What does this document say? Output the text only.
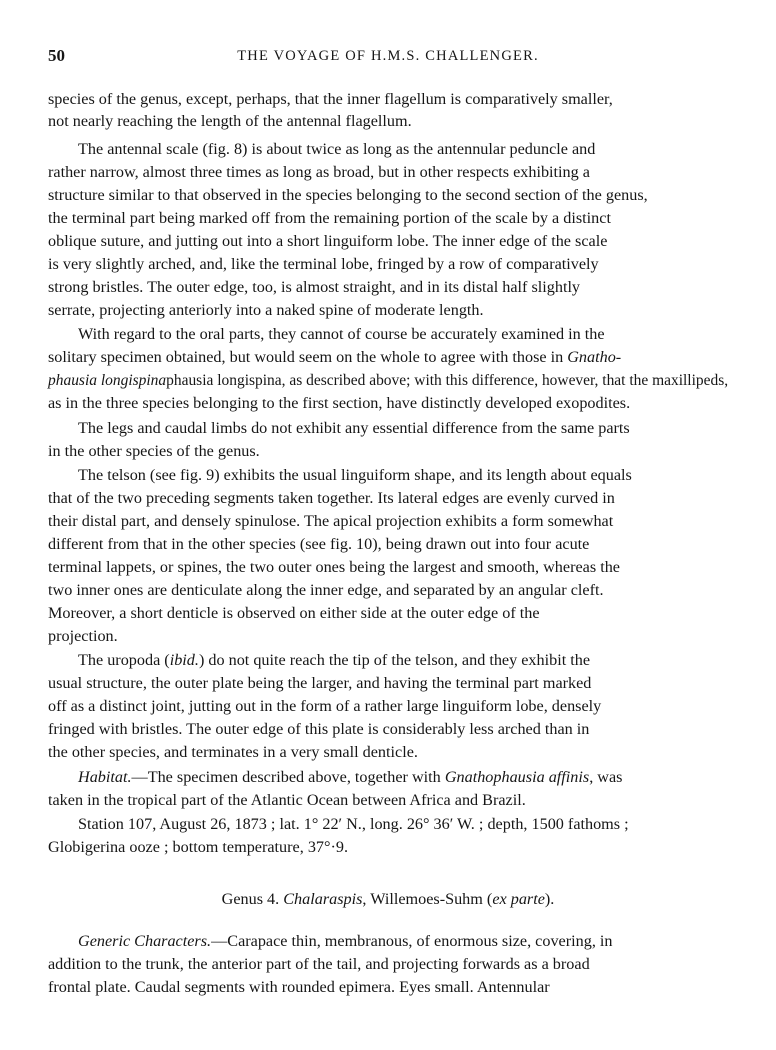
50	THE VOYAGE OF H.M.S. CHALLENGER.
species of the genus, except, perhaps, that the inner flagellum is comparatively smaller,
not nearly reaching the length of the antennal flagellum.
The antennal scale (fig. 8) is about twice as long as the antennular peduncle and
rather narrow, almost three times as long as broad, but in other respects exhibiting a
structure similar to that observed in the species belonging to the second section of the genus,
the terminal part being marked off from the remaining portion of the scale by a distinct
oblique suture, and jutting out into a short linguiform lobe. The inner edge of the scale
is very slightly arched, and, like the terminal lobe, fringed by a row of comparatively
strong bristles. The outer edge, too, is almost straight, and in its distal half slightly
serrate, projecting anteriorly into a naked spine of moderate length.
With regard to the oral parts, they cannot of course be accurately examined in the
solitary specimen obtained, but would seem on the whole to agree with those in Gnatho-
phausia longispinaphausia longispina, as described above; with this difference, however, that the maxillipeds,
as in the three species belonging to the first section, have distinctly developed exopodites.
The legs and caudal limbs do not exhibit any essential difference from the same parts
in the other species of the genus.
The telson (see fig. 9) exhibits the usual linguiform shape, and its length about equals
that of the two preceding segments taken together. Its lateral edges are evenly curved in
their distal part, and densely spinulose. The apical projection exhibits a form somewhat
different from that in the other species (see fig. 10), being drawn out into four acute
terminal lappets, or spines, the two outer ones being the largest and smooth, whereas the
two inner ones are denticulate along the inner edge, and separated by an angular cleft.
Moreover, a short denticle is observed on either side at the outer edge of the
projection.
The uropoda (ibid.) do not quite reach the tip of the telson, and they exhibit the
usual structure, the outer plate being the larger, and having the terminal part marked
off as a distinct joint, jutting out in the form of a rather large linguiform lobe, densely
fringed with bristles. The outer edge of this plate is considerably less arched than in
the other species, and terminates in a very small denticle.
Habitat.—The specimen described above, together with Gnathophausia affinis, was
taken in the tropical part of the Atlantic Ocean between Africa and Brazil.
Station 107, August 26, 1873 ; lat. 1° 22′ N., long. 26° 36′ W. ; depth, 1500 fathoms ;
Globigerina ooze ; bottom temperature, 37°·9.
Genus 4. Chalaraspis, Willemoes-Suhm (ex parte).
Generic Characters.—Carapace thin, membranous, of enormous size, covering, in
addition to the trunk, the anterior part of the tail, and projecting forwards as a broad
frontal plate. Caudal segments with rounded epimera. Eyes small. Antennular
